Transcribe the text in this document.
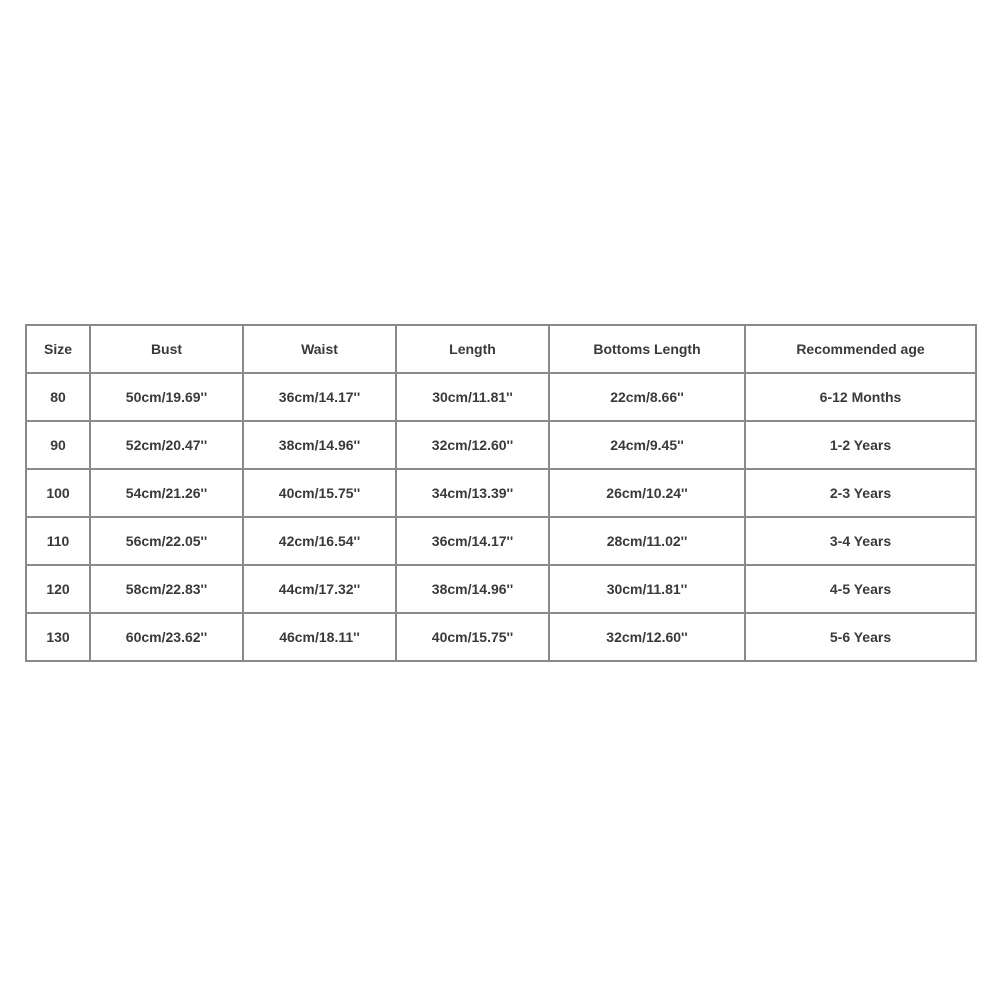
Size	Bust	Waist	Length	Bottoms Length	Recommended age
80	50cm/19.69''	36cm/14.17''	30cm/11.81''	22cm/8.66''	6-12 Months
90	52cm/20.47''	38cm/14.96''	32cm/12.60''	24cm/9.45''	1-2 Years
100	54cm/21.26''	40cm/15.75''	34cm/13.39''	26cm/10.24''	2-3 Years
110	56cm/22.05''	42cm/16.54''	36cm/14.17''	28cm/11.02''	3-4 Years
120	58cm/22.83''	44cm/17.32''	38cm/14.96''	30cm/11.81''	4-5 Years
130	60cm/23.62''	46cm/18.11''	40cm/15.75''	32cm/12.60''	5-6 Years
